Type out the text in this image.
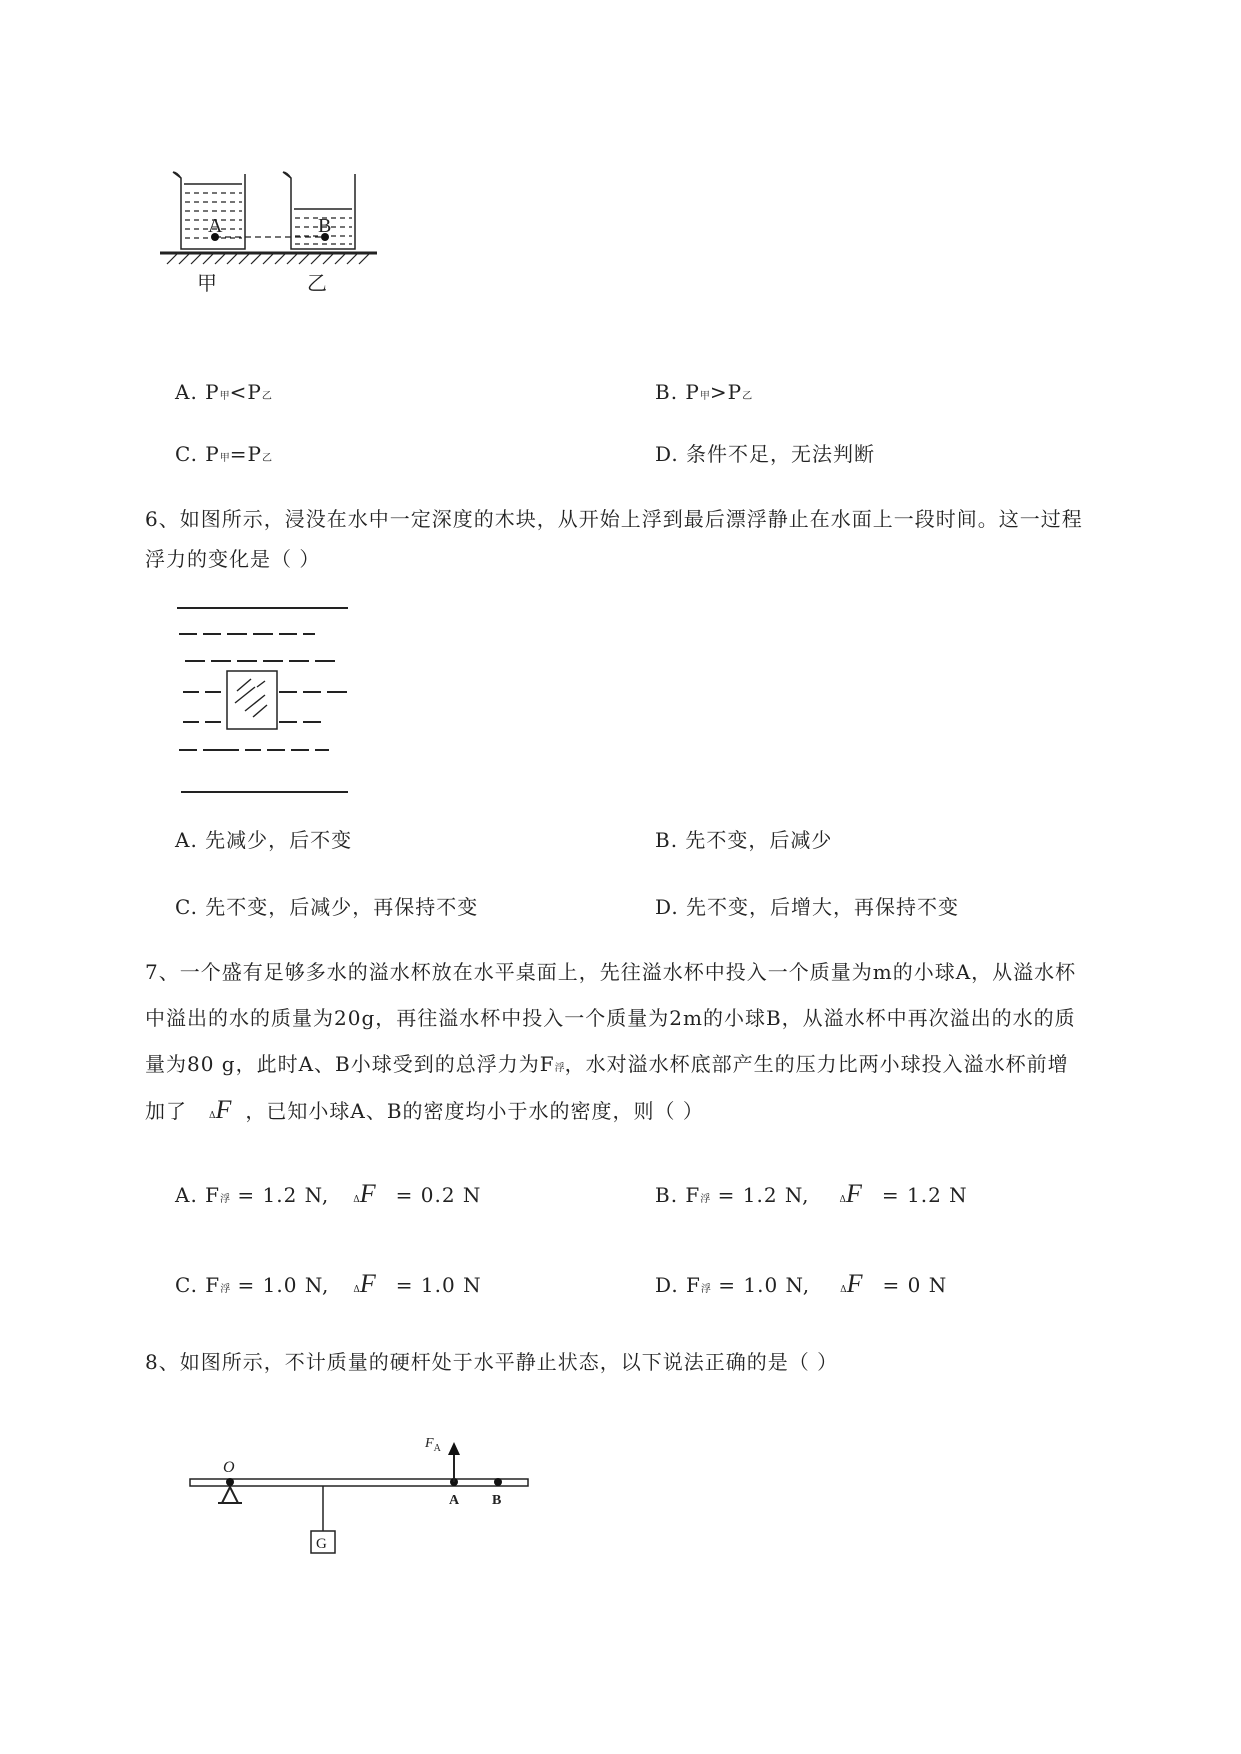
A	B
甲	乙
A. P甲<P乙	B. P甲>P乙
C. P甲=P乙	D. 条件不足，无法判断
6、如图所示，浸没在水中一定深度的木块，从开始上浮到最后漂浮静止在水面上一段时间。这一过程
浮力的变化是（ ）
A. 先减少，后不变	B. 先不变，后减少
C. 先不变，后减少，再保持不变	D. 先不变，后增大，再保持不变
7、一个盛有足够多水的溢水杯放在水平桌面上，先往溢水杯中投入一个质量为m的小球A，从溢水杯
中溢出的水的质量为20g，再往溢水杯中投入一个质量为2m的小球B，从溢水杯中再次溢出的水的质
量为80 g，此时A、B小球受到的总浮力为F浮，水对溢水杯底部产生的压力比两小球投入溢水杯前增
加了 ΔF ，已知小球A、B的密度均小于水的密度，则（ ）
A. F浮 = 1.2 N,	ΔF = 0.2 N	B. F浮 = 1.2 N,	ΔF = 1.2 N
C. F浮 = 1.0 N,	ΔF = 1.0 N	D. F浮 = 1.0 N,	ΔF = 0 N
8、如图所示，不计质量的硬杆处于水平静止状态，以下说法正确的是（ ）
O
G
$F_A$
A B
